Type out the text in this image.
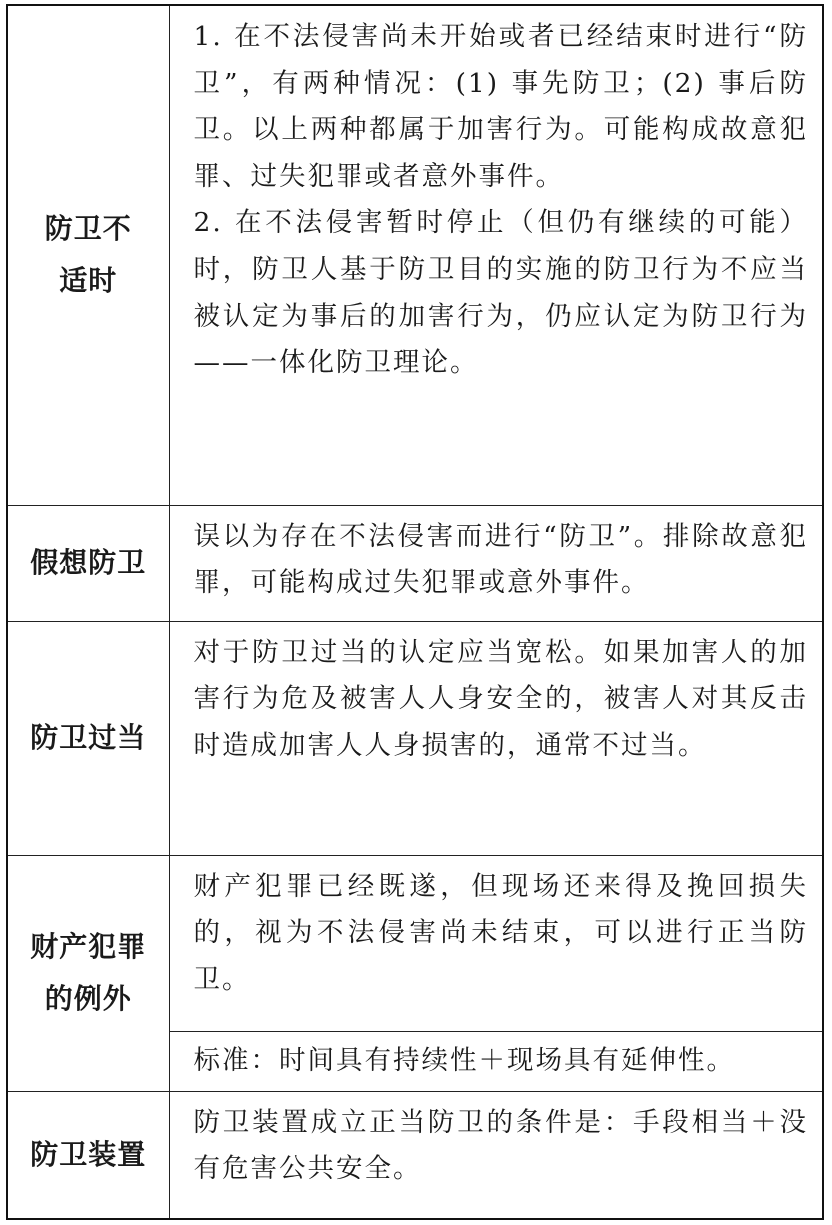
防卫不
适时	1. 在不法侵害尚未开始或者已经结束时进行“防卫”，有两种情况：(1) 事先防卫；(2) 事后防卫。以上两种都属于加害行为。可能构成故意犯罪、过失犯罪或者意外事件。
2. 在不法侵害暂时停止（但仍有继续的可能）时，防卫人基于防卫目的实施的防卫行为不应当被认定为事后的加害行为，仍应认定为防卫行为——一体化防卫理论。

假想防卫	误以为存在不法侵害而进行“防卫”。排除故意犯罪，可能构成过失犯罪或意外事件。

防卫过当	对于防卫过当的认定应当宽松。如果加害人的加害行为危及被害人人身安全的，被害人对其反击时造成加害人人身损害的，通常不过当。

财产犯罪
的例外	财产犯罪已经既遂，但现场还来得及挽回损失的，视为不法侵害尚未结束，可以进行正当防卫。

	标准：时间具有持续性＋现场具有延伸性。

防卫装置	防卫装置成立正当防卫的条件是：手段相当＋没有危害公共安全。
